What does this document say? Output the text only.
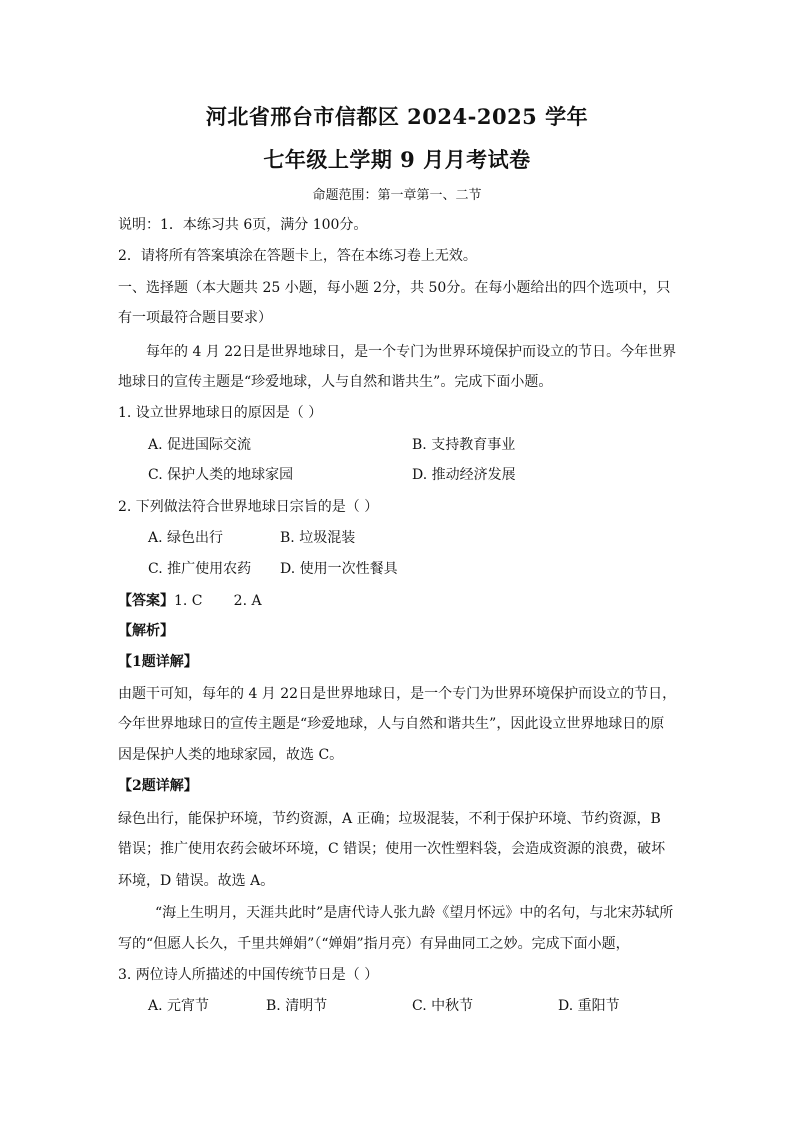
河北省邢台市信都区 2024-2025 学年
七年级上学期 9 月月考试卷
命题范围：第一章第一、二节
说明：1．本练习共 6页，满分 100分。
2．请将所有答案填涂在答题卡上，答在本练习卷上无效。
一、选择题（本大题共 25 小题，每小题 2分，共 50分。在每小题给出的四个选项中，只
有一项最符合题目要求）
每年的 4 月 22日是世界地球日，是一个专门为世界环境保护而设立的节日。今年世界
地球日的宣传主题是“珍爱地球，人与自然和谐共生”。完成下面小题。
1. 设立世界地球日的原因是（ ）
A. 促进国际交流	B. 支持教育事业
C. 保护人类的地球家园	D. 推动经济发展
2. 下列做法符合世界地球日宗旨的是（ ）
A. 绿色出行	B. 垃圾混装
C. 推广使用农药 D. 使用一次性餐具
【答案】1. C       2. A
【解析】
【1题详解】
由题干可知，每年的 4 月 22日是世界地球日，是一个专门为世界环境保护而设立的节日，
今年世界地球日的宣传主题是“珍爱地球，人与自然和谐共生”，因此设立世界地球日的原
因是保护人类的地球家园，故选 C。
【2题详解】
绿色出行，能保护环境，节约资源，A 正确；垃圾混装，不利于保护环境、节约资源，B
错误；推广使用农药会破坏环境，C 错误；使用一次性塑料袋，会造成资源的浪费，破坏
环境，D 错误。故选 A。
“海上生明月，天涯共此时”是唐代诗人张九龄《望月怀远》中的名句，与北宋苏轼所
写的“但愿人长久，千里共婵娟”（“婵娟”指月亮）有异曲同工之妙。完成下面小题，
3. 两位诗人所描述的中国传统节日是（ ）
A. 元宵节	B. 清明节	C. 中秋节	D. 重阳节
